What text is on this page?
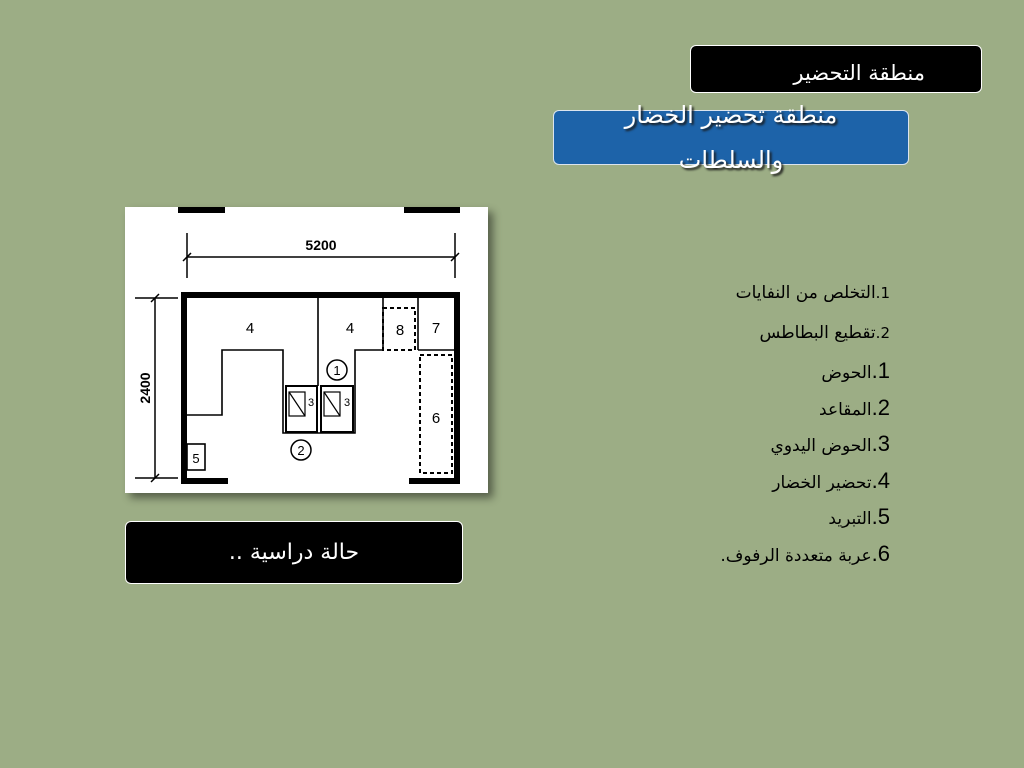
منطقة التحضير
منطقة تحضير الخضار
والسلطات
5200
2400
4	4
3	3
1
2
8 7
6
5
حالة دراسية ..
1.التخلص من النفايات
2.تقطيع البطاطس
1.الحوض
2.المقاعد
3.الحوض اليدوي
4.تحضير الخضار
5.التبريد
6.عربة متعددة الرفوف.
